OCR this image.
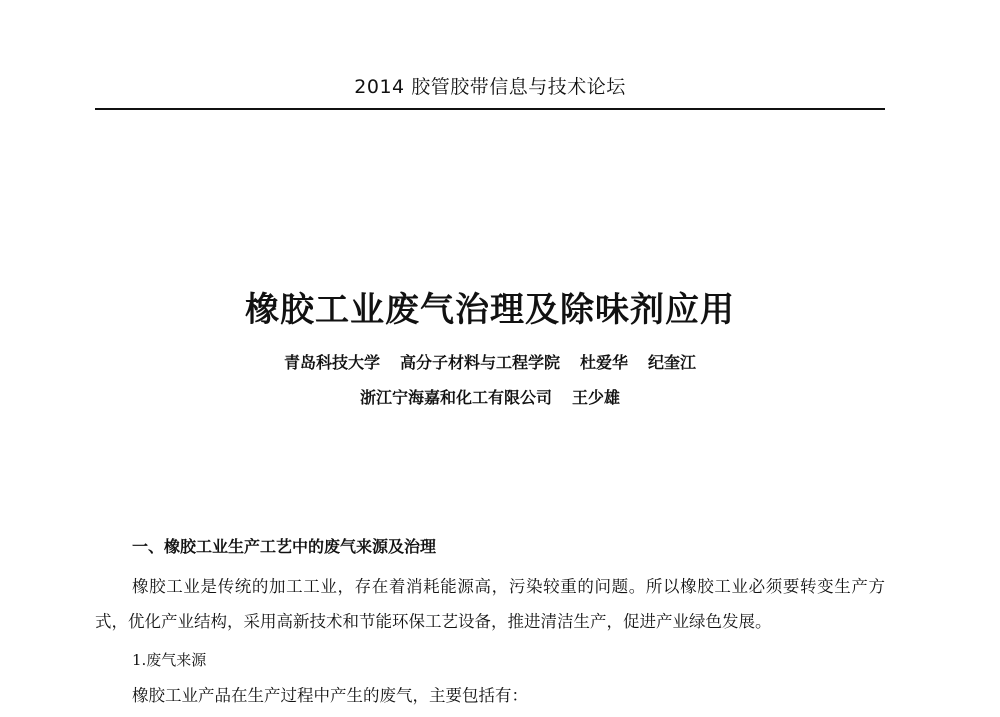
2014 胶管胶带信息与技术论坛
橡胶工业废气治理及除味剂应用
青岛科技大学 高分子材料与工程学院 杜爱华 纪奎江
浙江宁海嘉和化工有限公司 王少雄
一、橡胶工业生产工艺中的废气来源及治理
橡胶工业是传统的加工工业，存在着消耗能源高，污染较重的问题。所以橡胶工业必须要转变生产方式，优化产业结构，采用高新技术和节能环保工艺设备，推进清洁生产，促进产业绿色发展。
1.废气来源
橡胶工业产品在生产过程中产生的废气，主要包括有：
